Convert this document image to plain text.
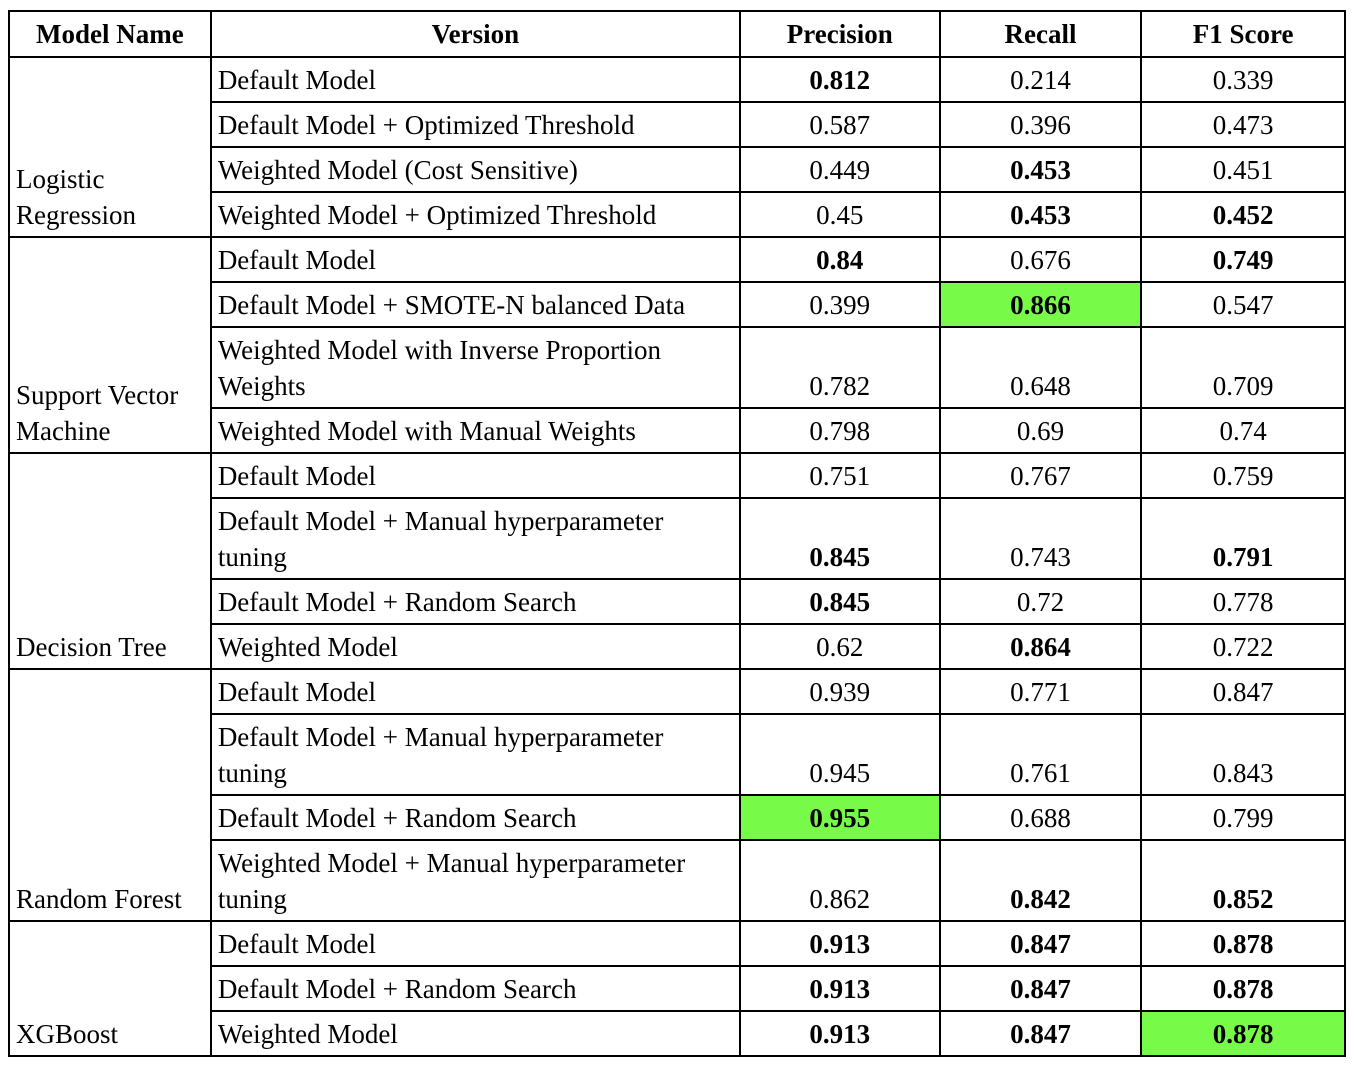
Model Name	Version	Precision	Recall	F1 Score
Logistic Regression	Default Model	0.812	0.214	0.339
	Default Model + Optimized Threshold	0.587	0.396	0.473
	Weighted Model (Cost Sensitive)	0.449	0.453	0.451
	Weighted Model + Optimized Threshold	0.45	0.453	0.452
Support Vector Machine	Default Model	0.84	0.676	0.749
	Default Model + SMOTE-N balanced Data	0.399	0.866	0.547
	Weighted Model with Inverse Proportion Weights	0.782	0.648	0.709
	Weighted Model with Manual Weights	0.798	0.69	0.74
Decision Tree	Default Model	0.751	0.767	0.759
	Default Model + Manual hyperparameter tuning	0.845	0.743	0.791
	Default Model + Random Search	0.845	0.72	0.778
	Weighted Model	0.62	0.864	0.722
Random Forest	Default Model	0.939	0.771	0.847
	Default Model + Manual hyperparameter tuning	0.945	0.761	0.843
	Default Model + Random Search	0.955	0.688	0.799
	Weighted Model + Manual hyperparameter tuning	0.862	0.842	0.852
XGBoost	Default Model	0.913	0.847	0.878
	Default Model + Random Search	0.913	0.847	0.878
	Weighted Model	0.913	0.847	0.878
